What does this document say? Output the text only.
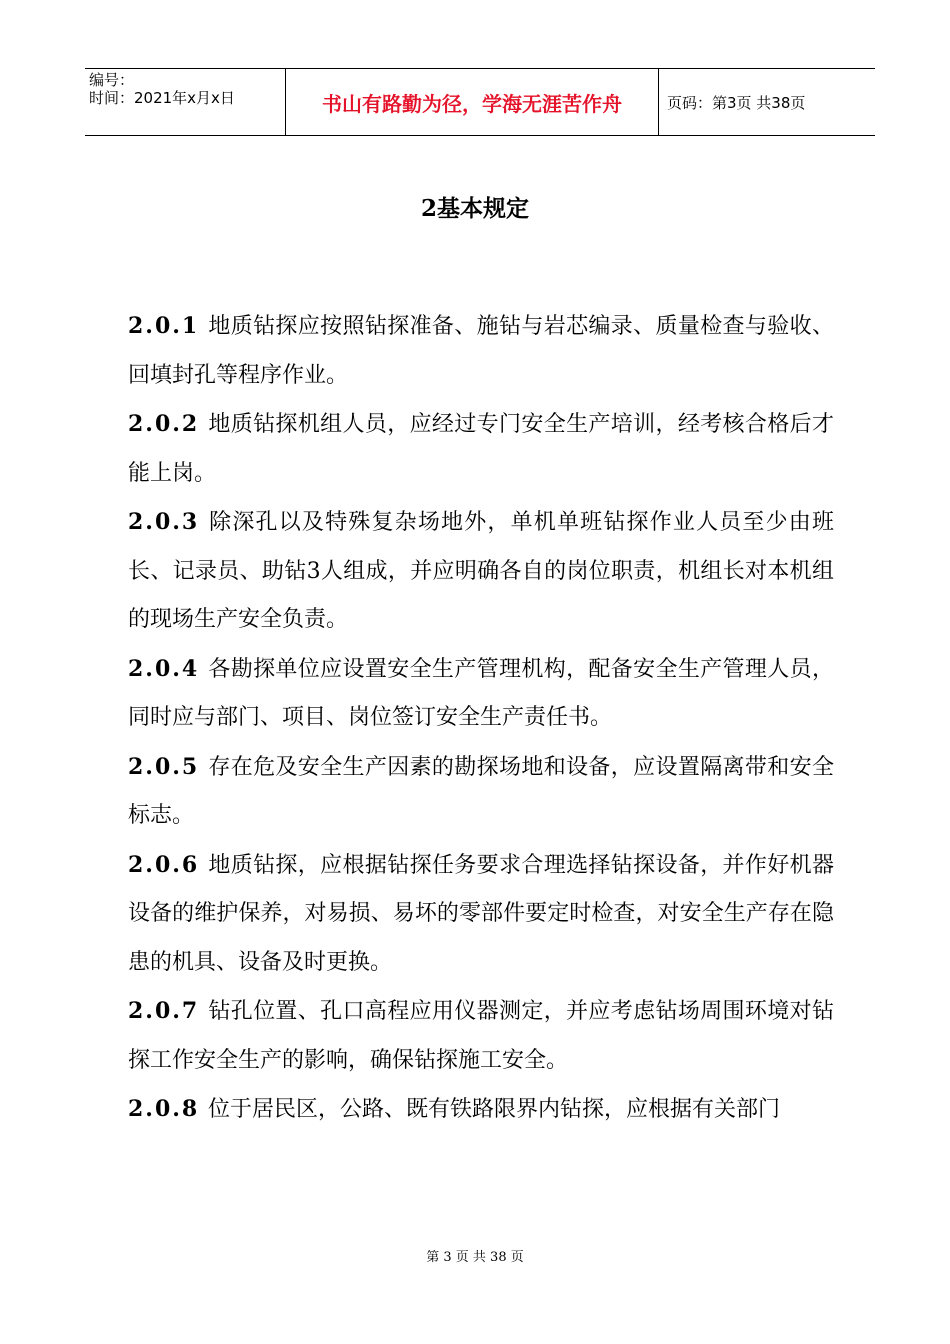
编号：
时间：2021年x月x日	书山有路勤为径，学海无涯苦作舟	页码：第3页 共38页
2基本规定

2.0.1 地质钻探应按照钻探准备、施钻与岩芯编录、质量检查与验收、回填封孔等程序作业。

2.0.2 地质钻探机组人员，应经过专门安全生产培训，经考核合格后才能上岗。

2.0.3 除深孔以及特殊复杂场地外，单机单班钻探作业人员至少由班长、记录员、助钻3人组成，并应明确各自的岗位职责，机组长对本机组的现场生产安全负责。

2.0.4 各勘探单位应设置安全生产管理机构，配备安全生产管理人员，同时应与部门、项目、岗位签订安全生产责任书。

2.0.5 存在危及安全生产因素的勘探场地和设备，应设置隔离带和安全标志。

2.0.6 地质钻探，应根据钻探任务要求合理选择钻探设备，并作好机器设备的维护保养，对易损、易坏的零部件要定时检查，对安全生产存在隐患的机具、设备及时更换。

2.0.7 钻孔位置、孔口高程应用仪器测定，并应考虑钻场周围环境对钻探工作安全生产的影响，确保钻探施工安全。

2.0.8 位于居民区，公路、既有铁路限界内钻探，应根据有关部门

第 3 页 共 38 页
